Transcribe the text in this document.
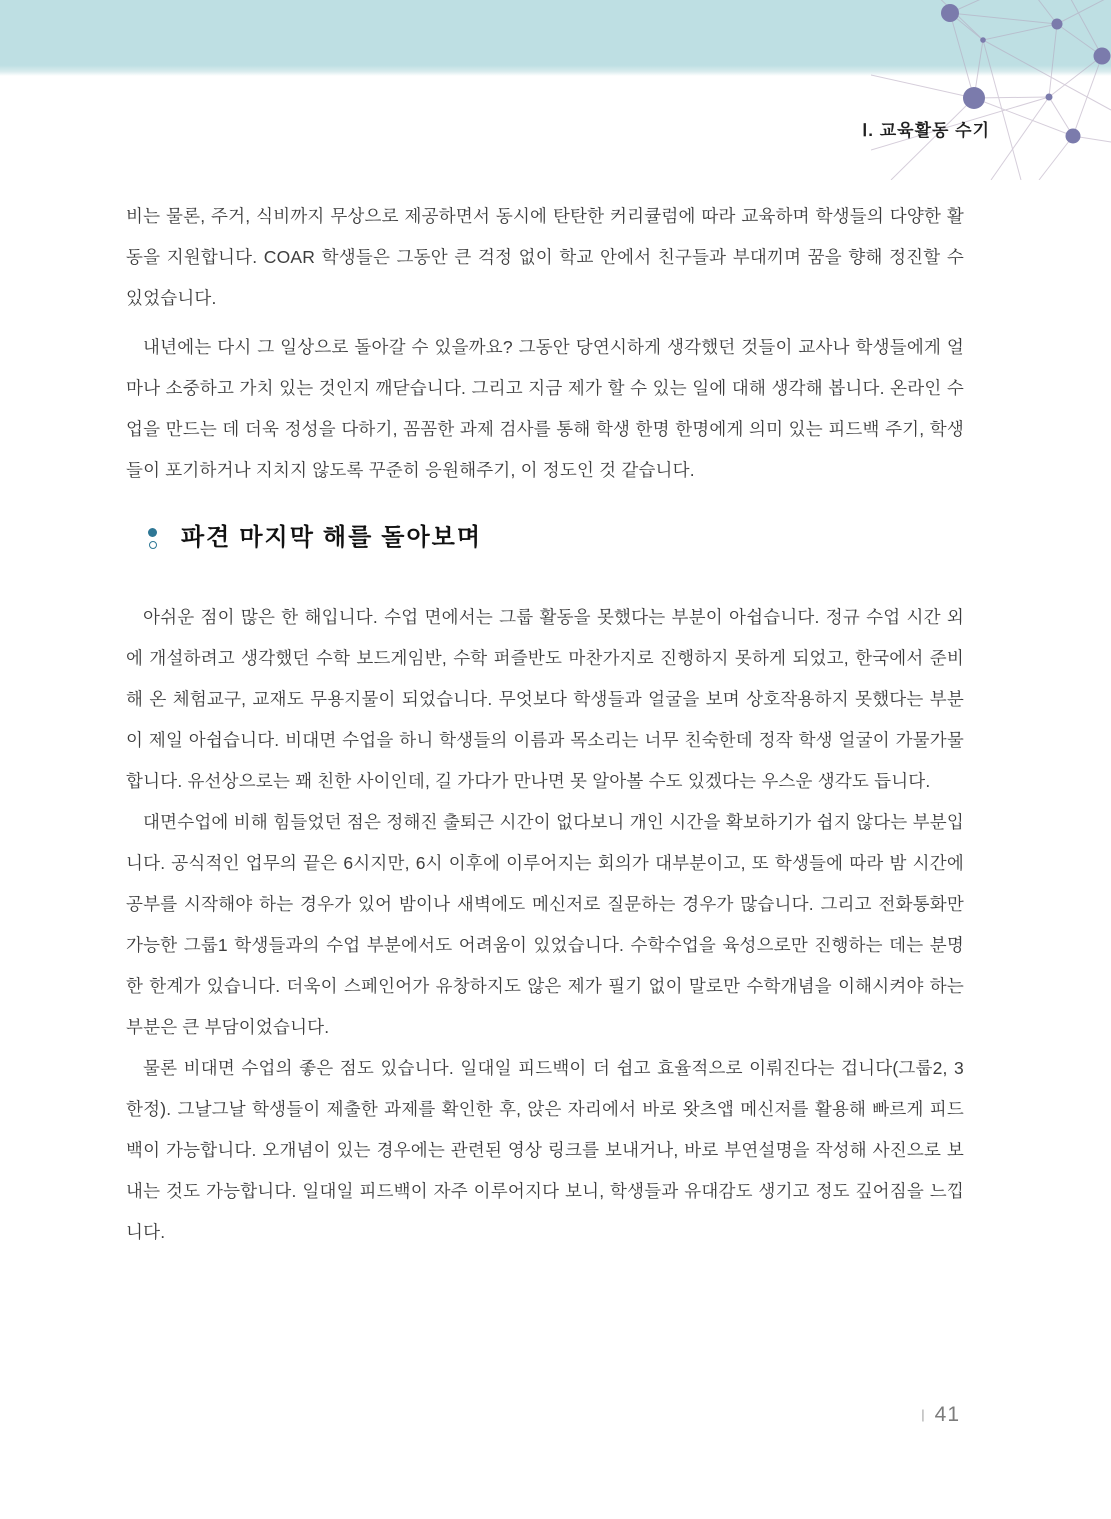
Ⅰ. 교육활동 수기

비는 물론, 주거, 식비까지 무상으로 제공하면서 동시에 탄탄한 커리큘럼에 따라 교육하며 학생들의 다양한 활동을 지원합니다. COAR 학생들은 그동안 큰 걱정 없이 학교 안에서 친구들과 부대끼며 꿈을 향해 정진할 수 있었습니다.

내년에는 다시 그 일상으로 돌아갈 수 있을까요? 그동안 당연시하게 생각했던 것들이 교사나 학생들에게 얼마나 소중하고 가치 있는 것인지 깨닫습니다. 그리고 지금 제가 할 수 있는 일에 대해 생각해 봅니다. 온라인 수업을 만드는 데 더욱 정성을 다하기, 꼼꼼한 과제 검사를 통해 학생 한명 한명에게 의미 있는 피드백 주기, 학생들이 포기하거나 지치지 않도록 꾸준히 응원해주기, 이 정도인 것 같습니다.

파견 마지막 해를 돌아보며

아쉬운 점이 많은 한 해입니다. 수업 면에서는 그룹 활동을 못했다는 부분이 아쉽습니다. 정규 수업 시간 외에 개설하려고 생각했던 수학 보드게임반, 수학 퍼즐반도 마찬가지로 진행하지 못하게 되었고, 한국에서 준비해 온 체험교구, 교재도 무용지물이 되었습니다. 무엇보다 학생들과 얼굴을 보며 상호작용하지 못했다는 부분이 제일 아쉽습니다. 비대면 수업을 하니 학생들의 이름과 목소리는 너무 친숙한데 정작 학생 얼굴이 가물가물합니다. 유선상으로는 꽤 친한 사이인데, 길 가다가 만나면 못 알아볼 수도 있겠다는 우스운 생각도 듭니다.

대면수업에 비해 힘들었던 점은 정해진 출퇴근 시간이 없다보니 개인 시간을 확보하기가 쉽지 않다는 부분입니다. 공식적인 업무의 끝은 6시지만, 6시 이후에 이루어지는 회의가 대부분이고, 또 학생들에 따라 밤 시간에 공부를 시작해야 하는 경우가 있어 밤이나 새벽에도 메신저로 질문하는 경우가 많습니다. 그리고 전화통화만 가능한 그룹1 학생들과의 수업 부분에서도 어려움이 있었습니다. 수학수업을 육성으로만 진행하는 데는 분명한 한계가 있습니다. 더욱이 스페인어가 유창하지도 않은 제가 필기 없이 말로만 수학개념을 이해시켜야 하는 부분은 큰 부담이었습니다.

물론 비대면 수업의 좋은 점도 있습니다. 일대일 피드백이 더 쉽고 효율적으로 이뤄진다는 겁니다(그룹2, 3 한정). 그날그날 학생들이 제출한 과제를 확인한 후, 앉은 자리에서 바로 왓츠앱 메신저를 활용해 빠르게 피드백이 가능합니다. 오개념이 있는 경우에는 관련된 영상 링크를 보내거나, 바로 부연설명을 작성해 사진으로 보내는 것도 가능합니다. 일대일 피드백이 자주 이루어지다 보니, 학생들과 유대감도 생기고 정도 깊어짐을 느낍니다.

| 41
